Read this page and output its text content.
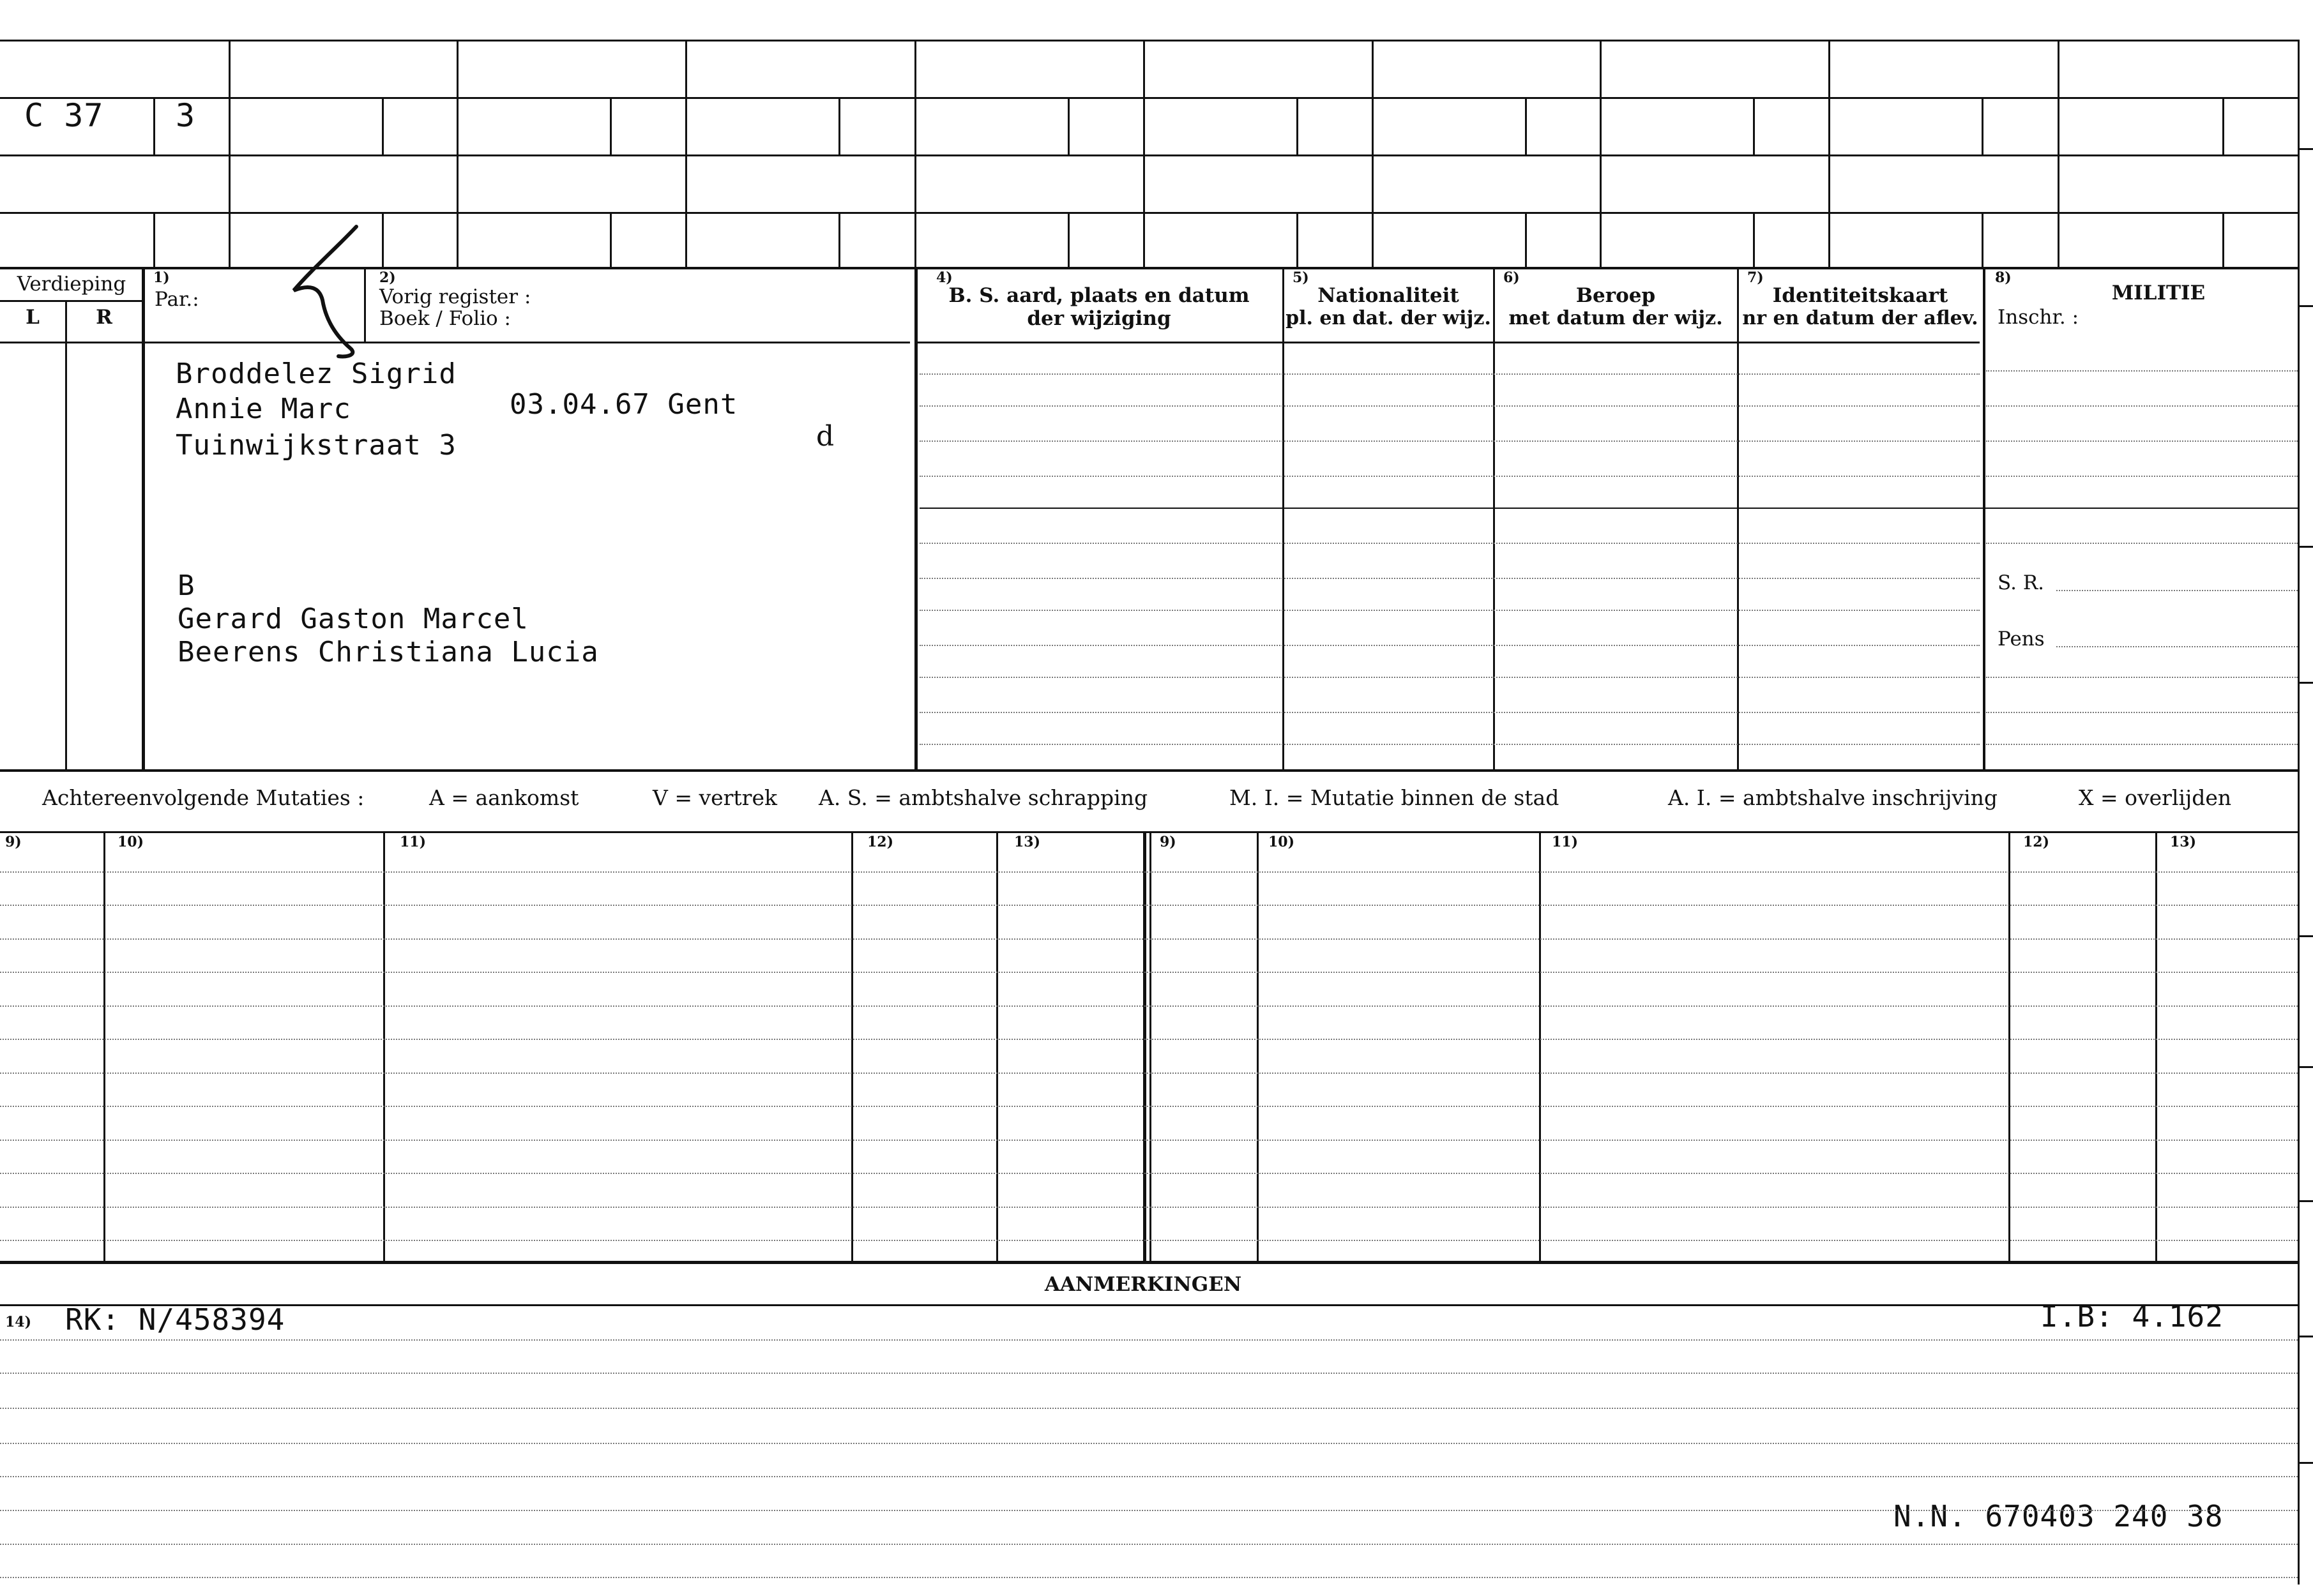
C 37 3
Verdieping
L	R
1)
Par.:
2)
Vorig register :
Boek / Folio :
4)
B. S. aard, plaats en datum
der wijziging
5)
Nationaliteit
pl. en dat. der wijz.
6)
Beroep
met datum der wijz.
7)
Identiteitskaart
nr en datum der aflev.
8)
MILITIE
Inschr. :
S. R.
Pens
Broddelez Sigrid
Annie Marc	03.04.67 Gent
Tuinwijkstraat 3	d
B
Gerard Gaston Marcel
Beerens Christiana Lucia
Achtereenvolgende Mutaties :	A = aankomst	V = vertrek A. S. = ambtshalve schrapping	M. I. = Mutatie binnen de stad	A. I. = ambtshalve inschrijving	X = overlijden
9)	10)	11)	12)	13)	9)	10)	11)	12)	13)
AANMERKINGEN
14) RK: N/458394	I.B: 4.162
N.N. 670403 240 38
